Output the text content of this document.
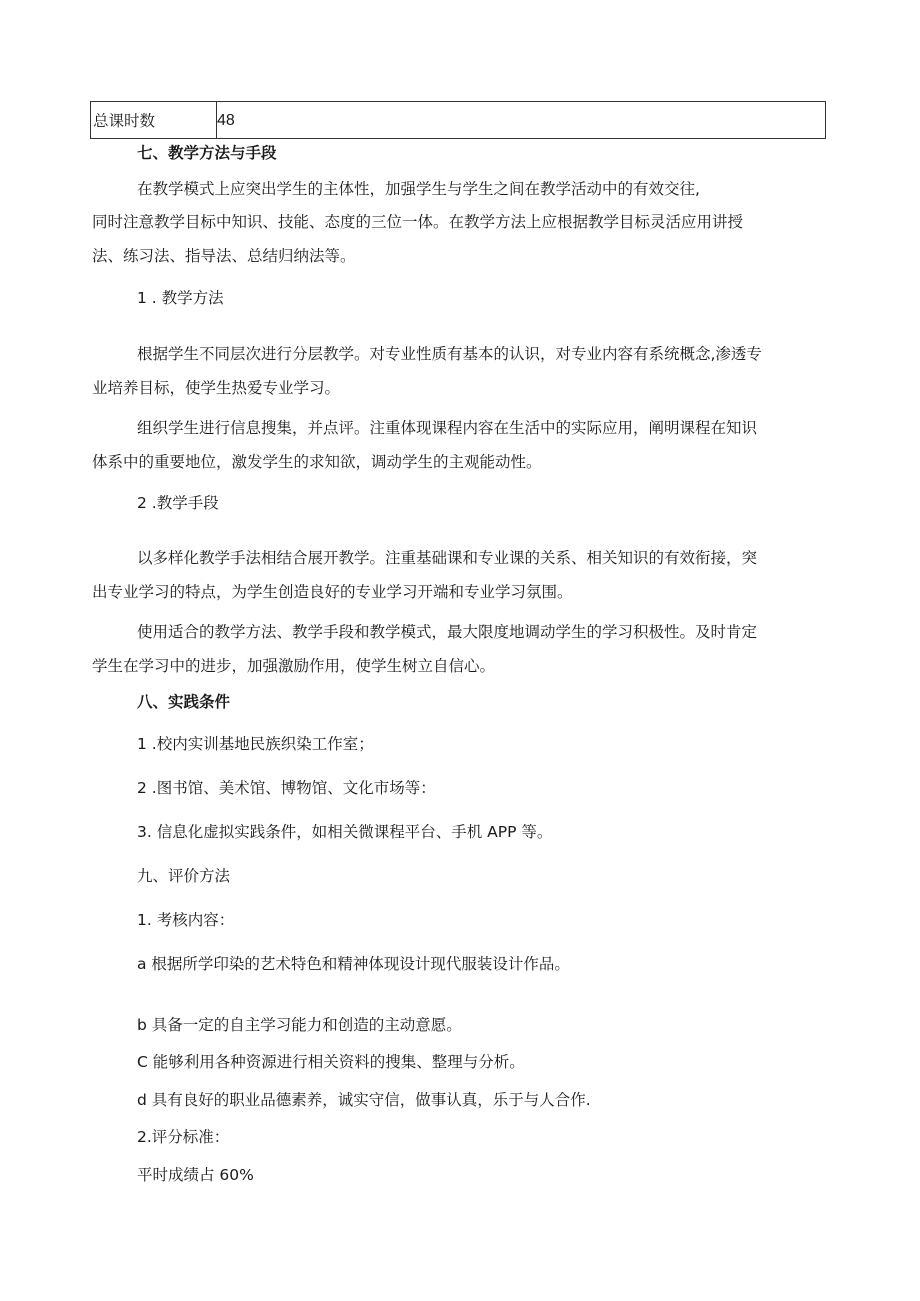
总课时数	48
七、教学方法与手段
在教学模式上应突出学生的主体性，加强学生与学生之间在教学活动中的有效交往,
同时注意教学目标中知识、技能、态度的三位一体。在教学方法上应根据教学目标灵活应用讲授
法、练习法、指导法、总结归纳法等。
1 . 教学方法
根据学生不同层次进行分层教学。对专业性质有基本的认识，对专业内容有系统概念,渗透专
业培养目标，使学生热爱专业学习。
组织学生进行信息搜集，并点评。注重体现课程内容在生活中的实际应用，阐明课程在知识
体系中的重要地位，激发学生的求知欲，调动学生的主观能动性。
2 .教学手段
以多样化教学手法相结合展开教学。注重基础课和专业课的关系、相关知识的有效衔接，突
出专业学习的特点，为学生创造良好的专业学习开端和专业学习氛围。
使用适合的教学方法、教学手段和教学模式，最大限度地调动学生的学习积极性。及时肯定
学生在学习中的进步，加强激励作用，使学生树立自信心。
八、实践条件
1 .校内实训基地民族织染工作室；
2 .图书馆、美术馆、博物馆、文化市场等：
3. 信息化虚拟实践条件，如相关微课程平台、手机 APP 等。
九、评价方法
1. 考核内容：
a 根据所学印染的艺术特色和精神体现设计现代服装设计作品。
b 具备一定的自主学习能力和创造的主动意愿。
C 能够利用各种资源进行相关资料的搜集、整理与分析。
d 具有良好的职业品德素养，诚实守信，做事认真，乐于与人合作.
2.评分标准：
平时成绩占 60%
